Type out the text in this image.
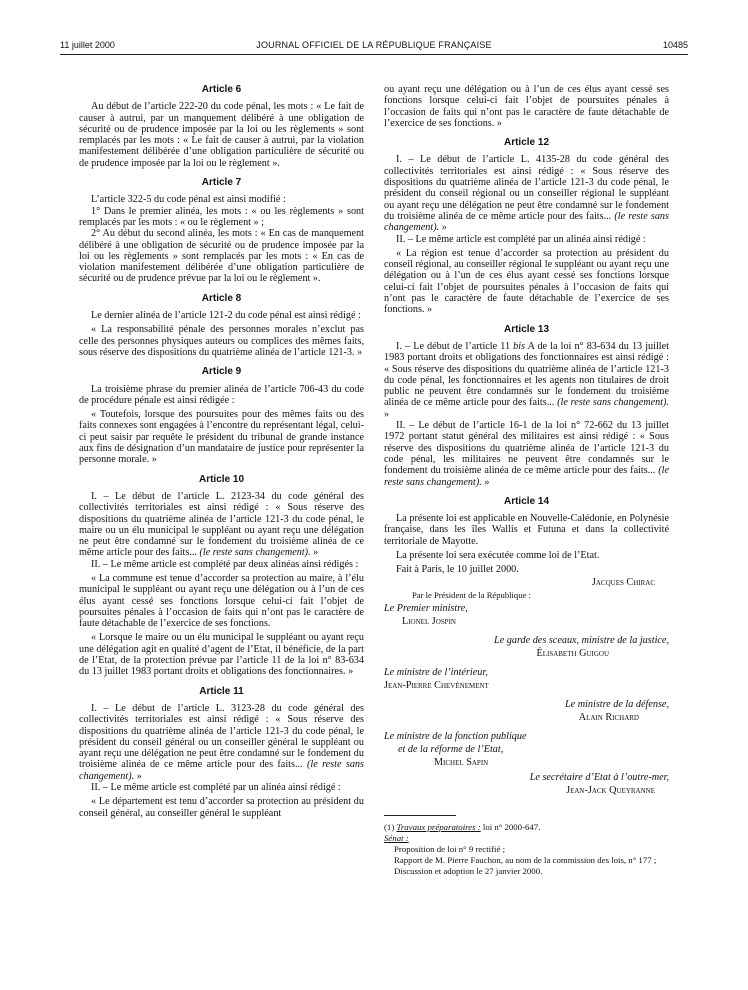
11 juillet 2000	JOURNAL OFFICIEL DE LA RÉPUBLIQUE FRANÇAISE	10485
Article 6

Au début de l’article 222-20 du code pénal, les mots : « Le fait de causer à autrui, par un manquement délibéré à une obligation de sécurité ou de prudence imposée par la loi ou les règlements » sont remplacés par les mots : « Le fait de causer à autrui, par la violation manifestement délibérée d’une obligation particulière de sécurité ou de prudence imposée par la loi ou le règlement ».

Article 7

L’article 322-5 du code pénal est ainsi modifié :

1° Dans le premier alinéa, les mots : « ou les règlements » sont remplacés par les mots : « ou le règlement » ;

2° Au début du second alinéa, les mots : « En cas de manquement délibéré à une obligation de sécurité ou de prudence imposée par la loi ou les règlements » sont remplacés par les mots : « En cas de violation manifestement délibérée d’une obligation particulière de sécurité ou de prudence prévue par la loi ou le règlement ».

Article 8

Le dernier alinéa de l’article 121-2 du code pénal est ainsi rédigé :

« La responsabilité pénale des personnes morales n’exclut pas celle des personnes physiques auteurs ou complices des mêmes faits, sous réserve des dispositions du quatrième alinéa de l’article 121-3. »

Article 9

La troisième phrase du premier alinéa de l’article 706-43 du code de procédure pénale est ainsi rédigée :

« Toutefois, lorsque des poursuites pour des mêmes faits ou des faits connexes sont engagées à l’encontre du représentant légal, celui-ci peut saisir par requête le président du tribunal de grande instance aux fins de désignation d’un mandataire de justice pour représenter la personne morale. »

Article 10

I. – Le début de l’article L. 2123-34 du code général des collectivités territoriales est ainsi rédigé : « Sous réserve des dispositions du quatrième alinéa de l’article 121-3 du code pénal, le maire ou un élu municipal le suppléant ou ayant reçu une délégation ne peut être condamné sur le fondement du troisième alinéa de ce même article pour des faits... (le reste sans changement). »

II. – Le même article est complété par deux alinéas ainsi rédigés :

« La commune est tenue d’accorder sa protection au maire, à l’élu municipal le suppléant ou ayant reçu une délégation ou à l’un de ces élus ayant cessé ses fonctions lorsque celui-ci fait l’objet de poursuites pénales à l’occasion de faits qui n’ont pas le caractère de faute détachable de l’exercice de ses fonctions.

« Lorsque le maire ou un élu municipal le suppléant ou ayant reçu une délégation agit en qualité d’agent de l’Etat, il bénéficie, de la part de l’Etat, de la protection prévue par l’article 11 de la loi n° 83-634 du 13 juillet 1983 portant droits et obligations des fonctionnaires. »

Article 11

I. – Le début de l’article L. 3123-28 du code général des collectivités territoriales est ainsi rédigé : « Sous réserve des dispositions du quatrième alinéa de l’article 121-3 du code pénal, le président du conseil général ou un conseiller général le suppléant ou ayant reçu une délégation ne peut être condamné sur le fondement du troisième alinéa de ce même article pour des faits... (le reste sans changement). »

II. – Le même article est complété par un alinéa ainsi rédigé :

« Le département est tenu d’accorder sa protection au président du conseil général, au conseiller général le suppléant

ou ayant reçu une délégation ou à l’un de ces élus ayant cessé ses fonctions lorsque celui-ci fait l’objet de poursuites pénales à l’occasion de faits qui n’ont pas le caractère de faute détachable de l’exercice de ses fonctions. »

Article 12

I. – Le début de l’article L. 4135-28 du code général des collectivités territoriales est ainsi rédigé : « Sous réserve des dispositions du quatrième alinéa de l’article 121-3 du code pénal, le président du conseil régional ou un conseiller régional le suppléant ou ayant reçu une délégation ne peut être condamné sur le fondement du troisième alinéa de ce même article pour des faits... (le reste sans changement). »

II. – Le même article est complété par un alinéa ainsi rédigé :

« La région est tenue d’accorder sa protection au président du conseil régional, au conseiller régional le suppléant ou ayant reçu une délégation ou à l’un de ces élus ayant cessé ses fonctions lorsque celui-ci fait l’objet de poursuites pénales à l’occasion de faits qui n’ont pas le caractère de faute détachable de l’exercice de ses fonctions. »

Article 13

I. – Le début de l’article 11 bis A de la loi n° 83-634 du 13 juillet 1983 portant droits et obligations des fonctionnaires est ainsi rédigé : « Sous réserve des dispositions du quatrième alinéa de l’article 121-3 du code pénal, les fonctionnaires et les agents non titulaires de droit public ne peuvent être condamnés sur le fondement du troisième alinéa de ce même article pour des faits... (le reste sans changement). »

II. – Le début de l’article 16-1 de la loi n° 72-662 du 13 juillet 1972 portant statut général des militaires est ainsi rédigé : « Sous réserve des dispositions du quatrième alinéa de l’article 121-3 du code pénal, les militaires ne peuvent être condamnés sur le fondement du troisième alinéa de ce même article pour des faits... (le reste sans changement). »

Article 14

La présente loi est applicable en Nouvelle-Calédonie, en Polynésie française, dans les îles Wallis et Futuna et dans la collectivité territoriale de Mayotte.

La présente loi sera exécutée comme loi de l’Etat.

Fait à Paris, le 10 juillet 2000.

Jacques Chirac
Par le Président de la République :
Le Premier ministre,
Lionel Jospin
Le garde des sceaux, ministre de la justice,
Élisabeth Guigou
Le ministre de l’intérieur,
Jean-Pierre Chevènement
Le ministre de la défense,
Alain Richard
Le ministre de la fonction publique
et de la réforme de l’Etat,
Michel Sapin
Le secrétaire d’Etat à l’outre-mer,
Jean-Jack Queyranne
(1) Travaux préparatoires : loi n° 2000-647.
Sénat :
Proposition de loi n° 9 rectifié ;
Rapport de M. Pierre Fauchon, au nom de la commission des lois, n° 177 ;
Discussion et adoption le 27 janvier 2000.
